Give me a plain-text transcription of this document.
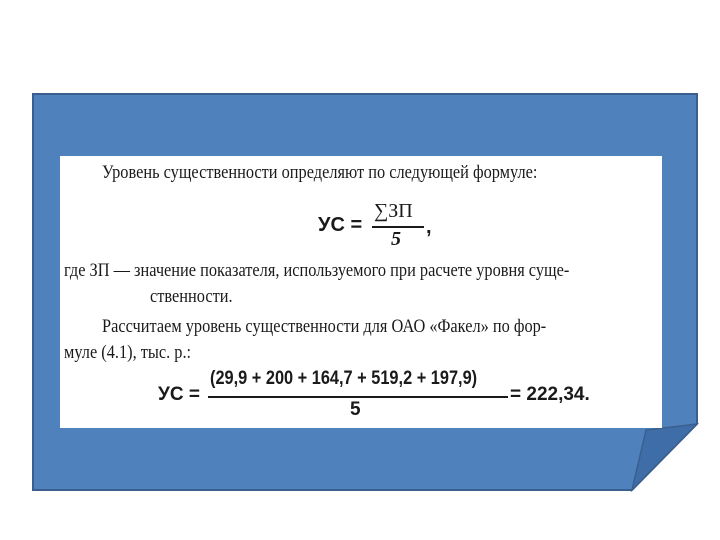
Уровень существенности определяют по следующей формуле:
УС =
∑ЗП
5
,
где ЗП — значение показателя, используемого при расчете уровня суще-
ственности.
Рассчитаем уровень существенности для ОАО «Факел» по фор-
муле (4.1), тыс. р.:
УС =
(29,9 + 200 + 164,7 + 519,2 + 197,9)
5
= 222,34.
